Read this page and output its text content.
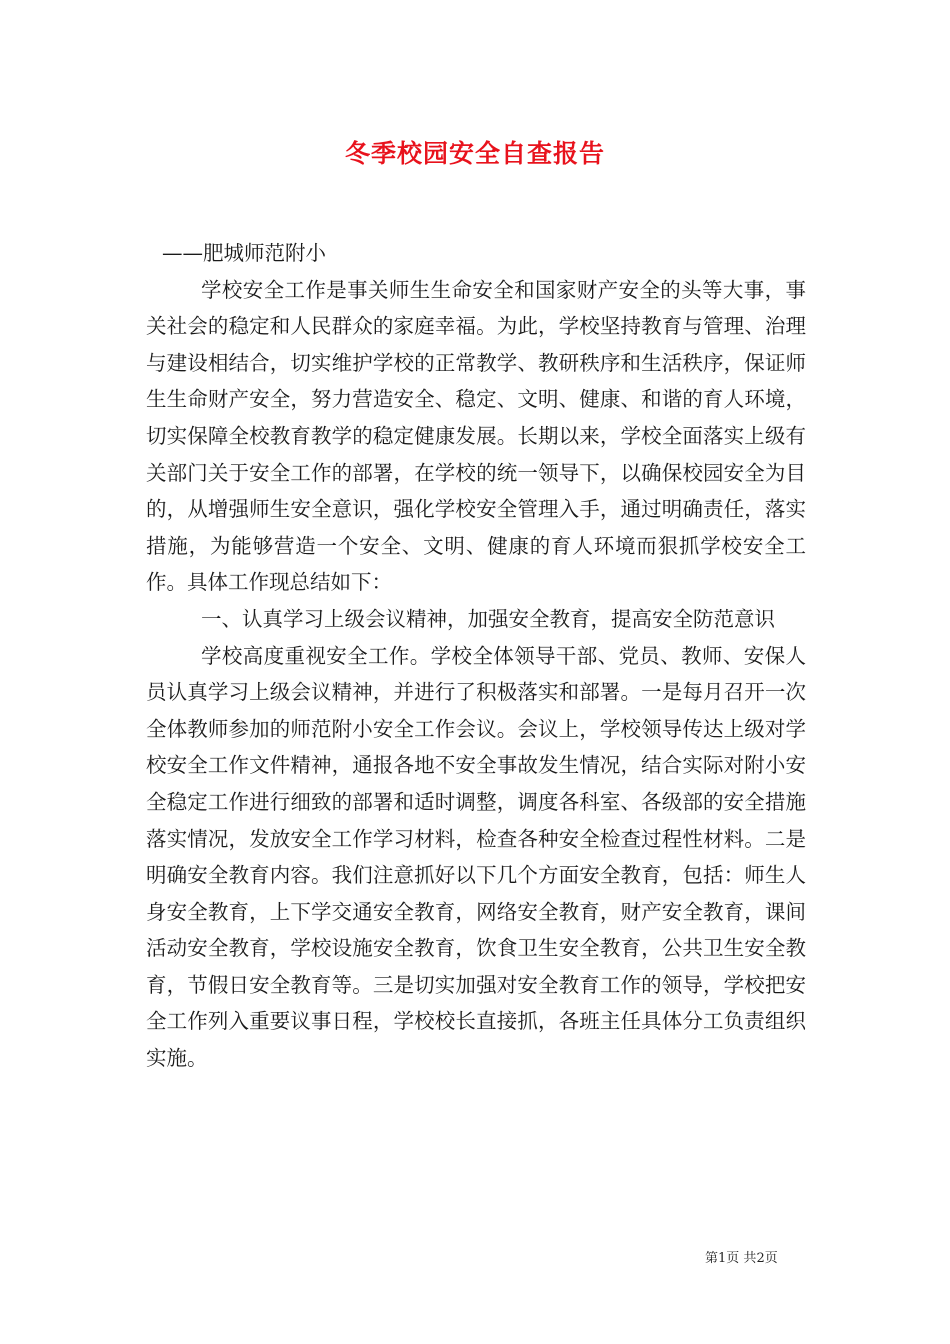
冬季校园安全自查报告

——肥城师范附小

学校安全工作是事关师生生命安全和国家财产安全的头等大事，事关社会的稳定和人民群众的家庭幸福。为此，学校坚持教育与管理、治理与建设相结合，切实维护学校的正常教学、教研秩序和生活秩序，保证师生生命财产安全，努力营造安全、稳定、文明、健康、和谐的育人环境，切实保障全校教育教学的稳定健康发展。长期以来，学校全面落实上级有关部门关于安全工作的部署，在学校的统一领导下，以确保校园安全为目的，从增强师生安全意识，强化学校安全管理入手，通过明确责任，落实措施，为能够营造一个安全、文明、健康的育人环境而狠抓学校安全工作。具体工作现总结如下：

一、认真学习上级会议精神，加强安全教育，提高安全防范意识

学校高度重视安全工作。学校全体领导干部、党员、教师、安保人员认真学习上级会议精神，并进行了积极落实和部署。一是每月召开一次全体教师参加的师范附小安全工作会议。会议上，学校领导传达上级对学校安全工作文件精神，通报各地不安全事故发生情况，结合实际对附小安全稳定工作进行细致的部署和适时调整，调度各科室、各级部的安全措施落实情况，发放安全工作学习材料，检查各种安全检查过程性材料。二是明确安全教育内容。我们注意抓好以下几个方面安全教育，包括：师生人身安全教育，上下学交通安全教育，网络安全教育，财产安全教育，课间活动安全教育，学校设施安全教育，饮食卫生安全教育，公共卫生安全教育，节假日安全教育等。三是切实加强对安全教育工作的领导，学校把安全工作列入重要议事日程，学校校长直接抓，各班主任具体分工负责组织实施。

第1页 共2页
